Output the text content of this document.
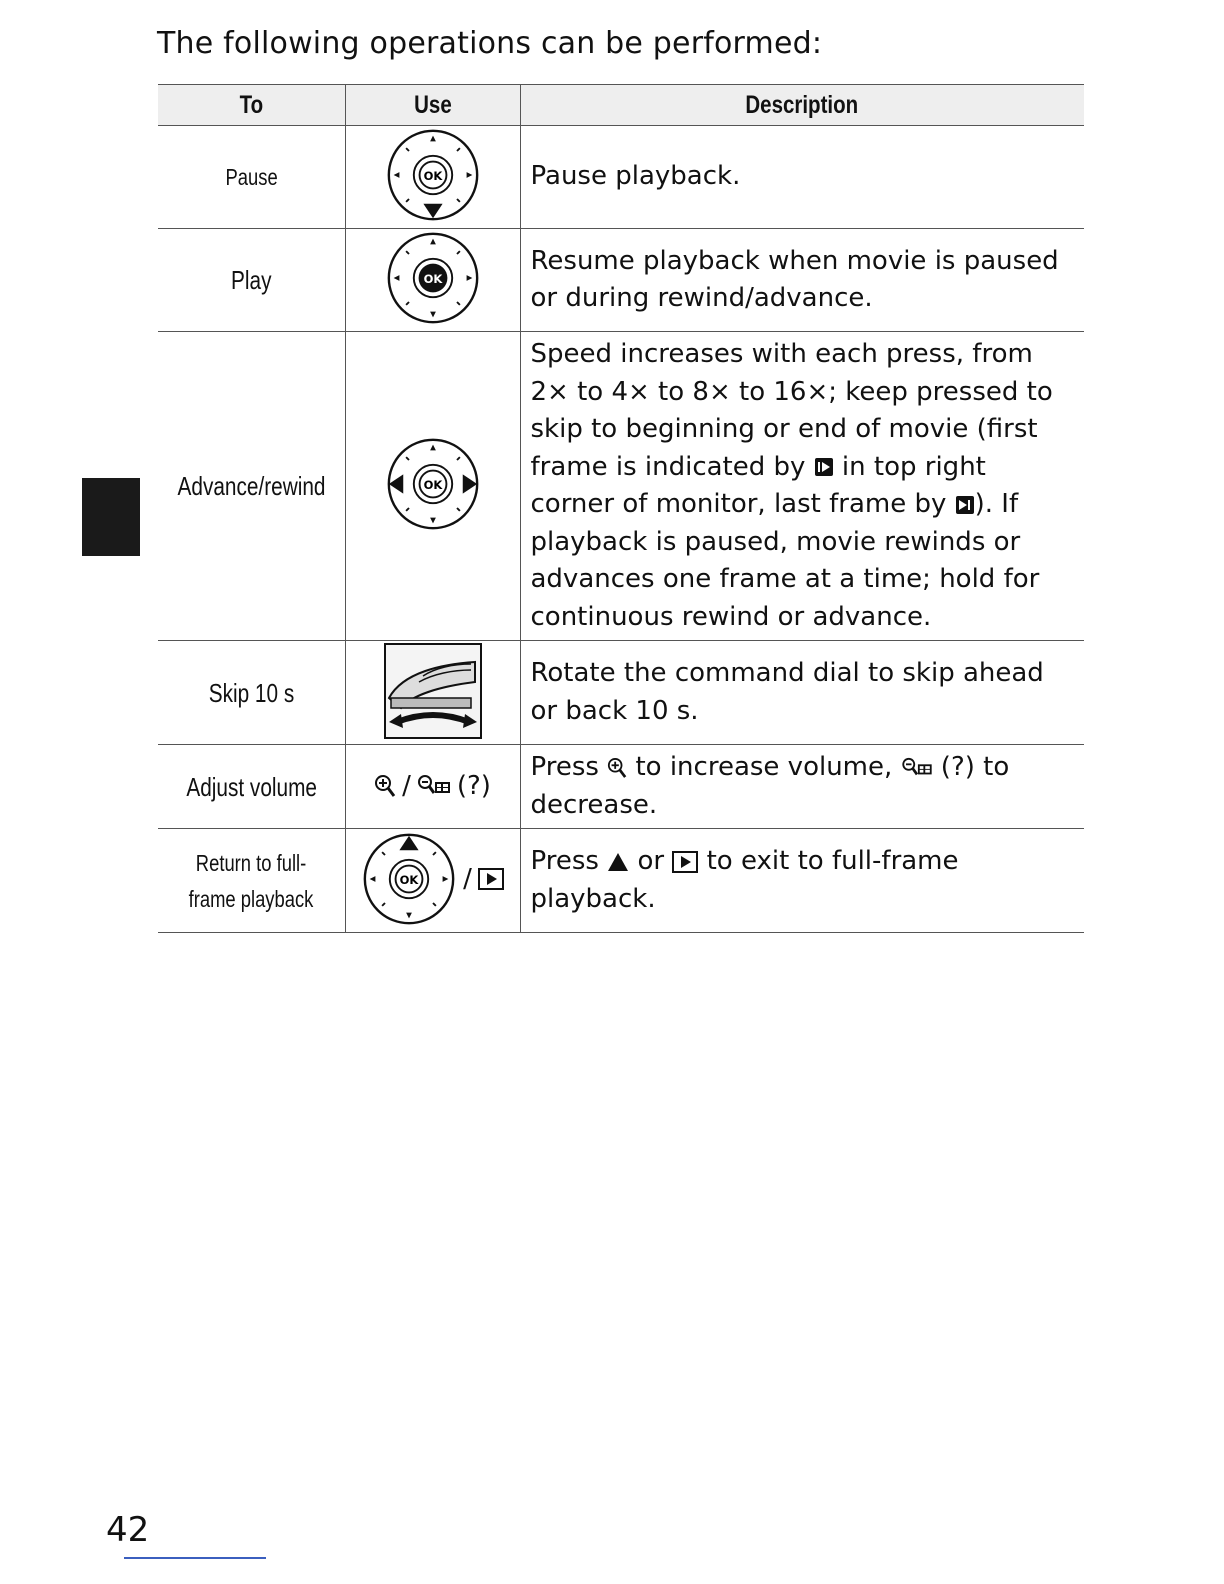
The following operations can be performed:
To	Use	Description
Pause	OK	Pause playback.
Play	OK	Resume playback when movie is paused or during rewind/advance.
Advance/rewind	OK	Speed increases with each press, from 2× to 4× to 8× to 16×; keep pressed to skip to beginning or end of movie (first frame is indicated by  in top right corner of monitor, last frame by ). If playback is paused, movie rewinds or advances one frame at a time; hold for continuous rewind or advance.
Skip 10 s		Rotate the command dial to skip ahead or back 10 s.
Adjust volume	/ (?)	Press  to increase volume,  (?) to decrease.
Return to full-
frame playback	OK /	Press  or  to exit to full-frame playback.
42
